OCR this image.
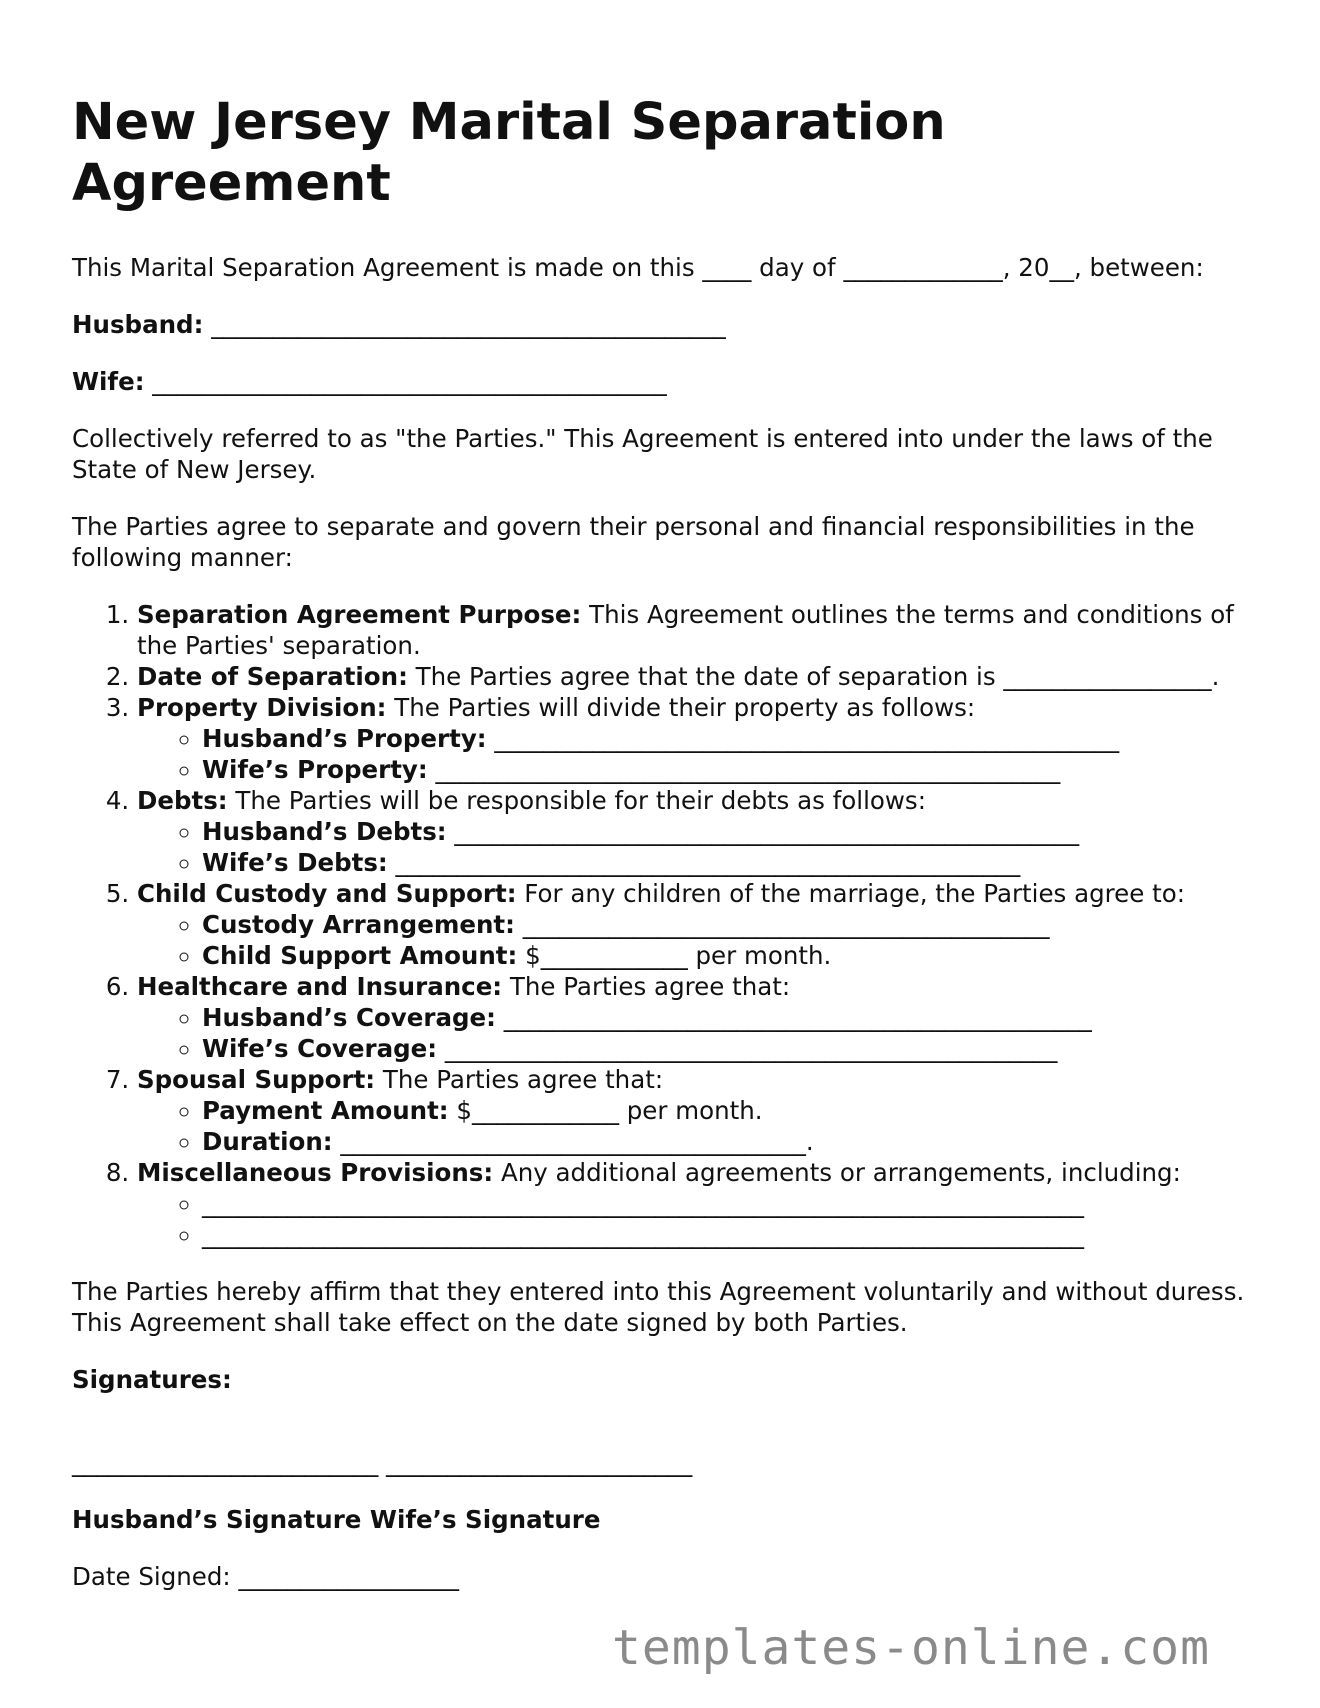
New Jersey Marital Separation Agreement

This Marital Separation Agreement is made on this ____ day of _____________, 20__, between:

Husband: __________________________________________

Wife: __________________________________________

Collectively referred to as "the Parties." This Agreement is entered into under the laws of the State of New Jersey.

The Parties agree to separate and govern their personal and financial responsibilities in the following manner:

1. Separation Agreement Purpose: This Agreement outlines the terms and conditions of the Parties' separation.
2. Date of Separation: The Parties agree that the date of separation is _________________.
3. Property Division: The Parties will divide their property as follows:
◦ Husband’s Property: ___________________________________________________
◦ Wife’s Property: ___________________________________________________
4. Debts: The Parties will be responsible for their debts as follows:
◦ Husband’s Debts: ___________________________________________________
◦ Wife’s Debts: ___________________________________________________
5. Child Custody and Support: For any children of the marriage, the Parties agree to:
◦ Custody Arrangement: ___________________________________________
◦ Child Support Amount: $____________ per month.
6. Healthcare and Insurance: The Parties agree that:
◦ Husband’s Coverage: ________________________________________________
◦ Wife’s Coverage: __________________________________________________
7. Spousal Support: The Parties agree that:
◦ Payment Amount: $____________ per month.
◦ Duration: ______________________________________.
8. Miscellaneous Provisions: Any additional agreements or arrangements, including:
◦ ________________________________________________________________________
◦ ________________________________________________________________________

The Parties hereby affirm that they entered into this Agreement voluntarily and without duress. This Agreement shall take effect on the date signed by both Parties.

Signatures:

_________________________ _________________________

Husband’s Signature Wife’s Signature

Date Signed: __________________

templates-online.com
